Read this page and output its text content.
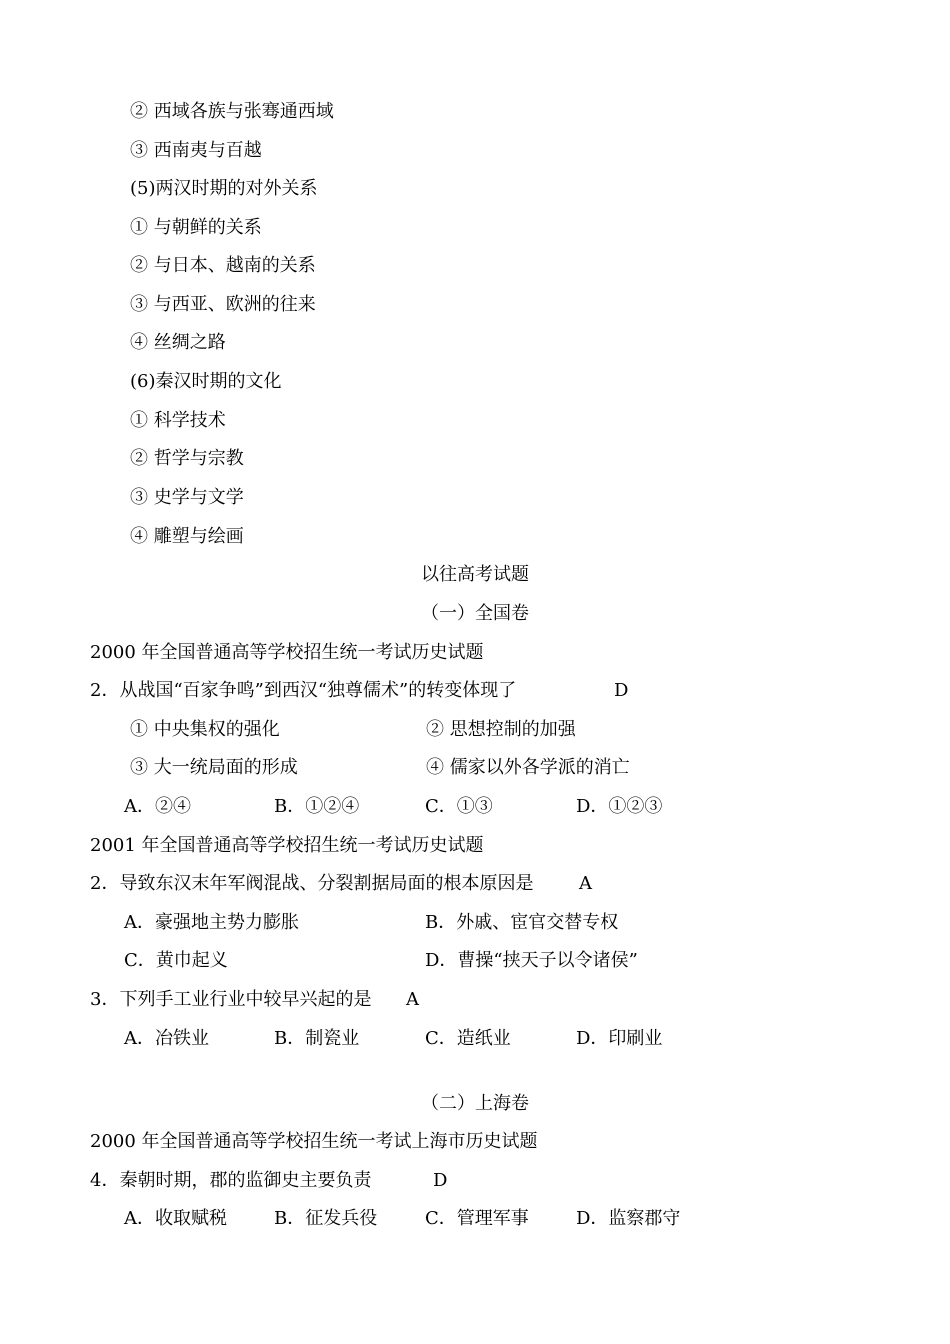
② 西域各族与张骞通西域
③ 西南夷与百越
(5)两汉时期的对外关系
① 与朝鲜的关系
② 与日本、越南的关系
③ 与西亚、欧洲的往来
④ 丝绸之路
(6)秦汉时期的文化
① 科学技术
② 哲学与宗教
③ 史学与文学
④ 雕塑与绘画
以往高考试题
（一）全国卷
2000 年全国普通高等学校招生统一考试历史试题
2．从战国“百家争鸣”到西汉“独尊儒术”的转变体现了	D
① 中央集权的强化	② 思想控制的加强
③ 大一统局面的形成	④ 儒家以外各学派的消亡
A．②④	B．①②④	C．①③	D．①②③
2001 年全国普通高等学校招生统一考试历史试题
2．导致东汉末年军阀混战、分裂割据局面的根本原因是	A
A．豪强地主势力膨胀	B．外戚、宦官交替专权
C．黄巾起义	D．曹操“挟天子以令诸侯”
3．下列手工业行业中较早兴起的是 A
A．冶铁业	B．制瓷业	C．造纸业	D．印刷业
（二）上海卷
2000 年全国普通高等学校招生统一考试上海市历史试题
4．秦朝时期，郡的监御史主要负责	D
A．收取赋税	B．征发兵役	C．管理军事	D．监察郡守
